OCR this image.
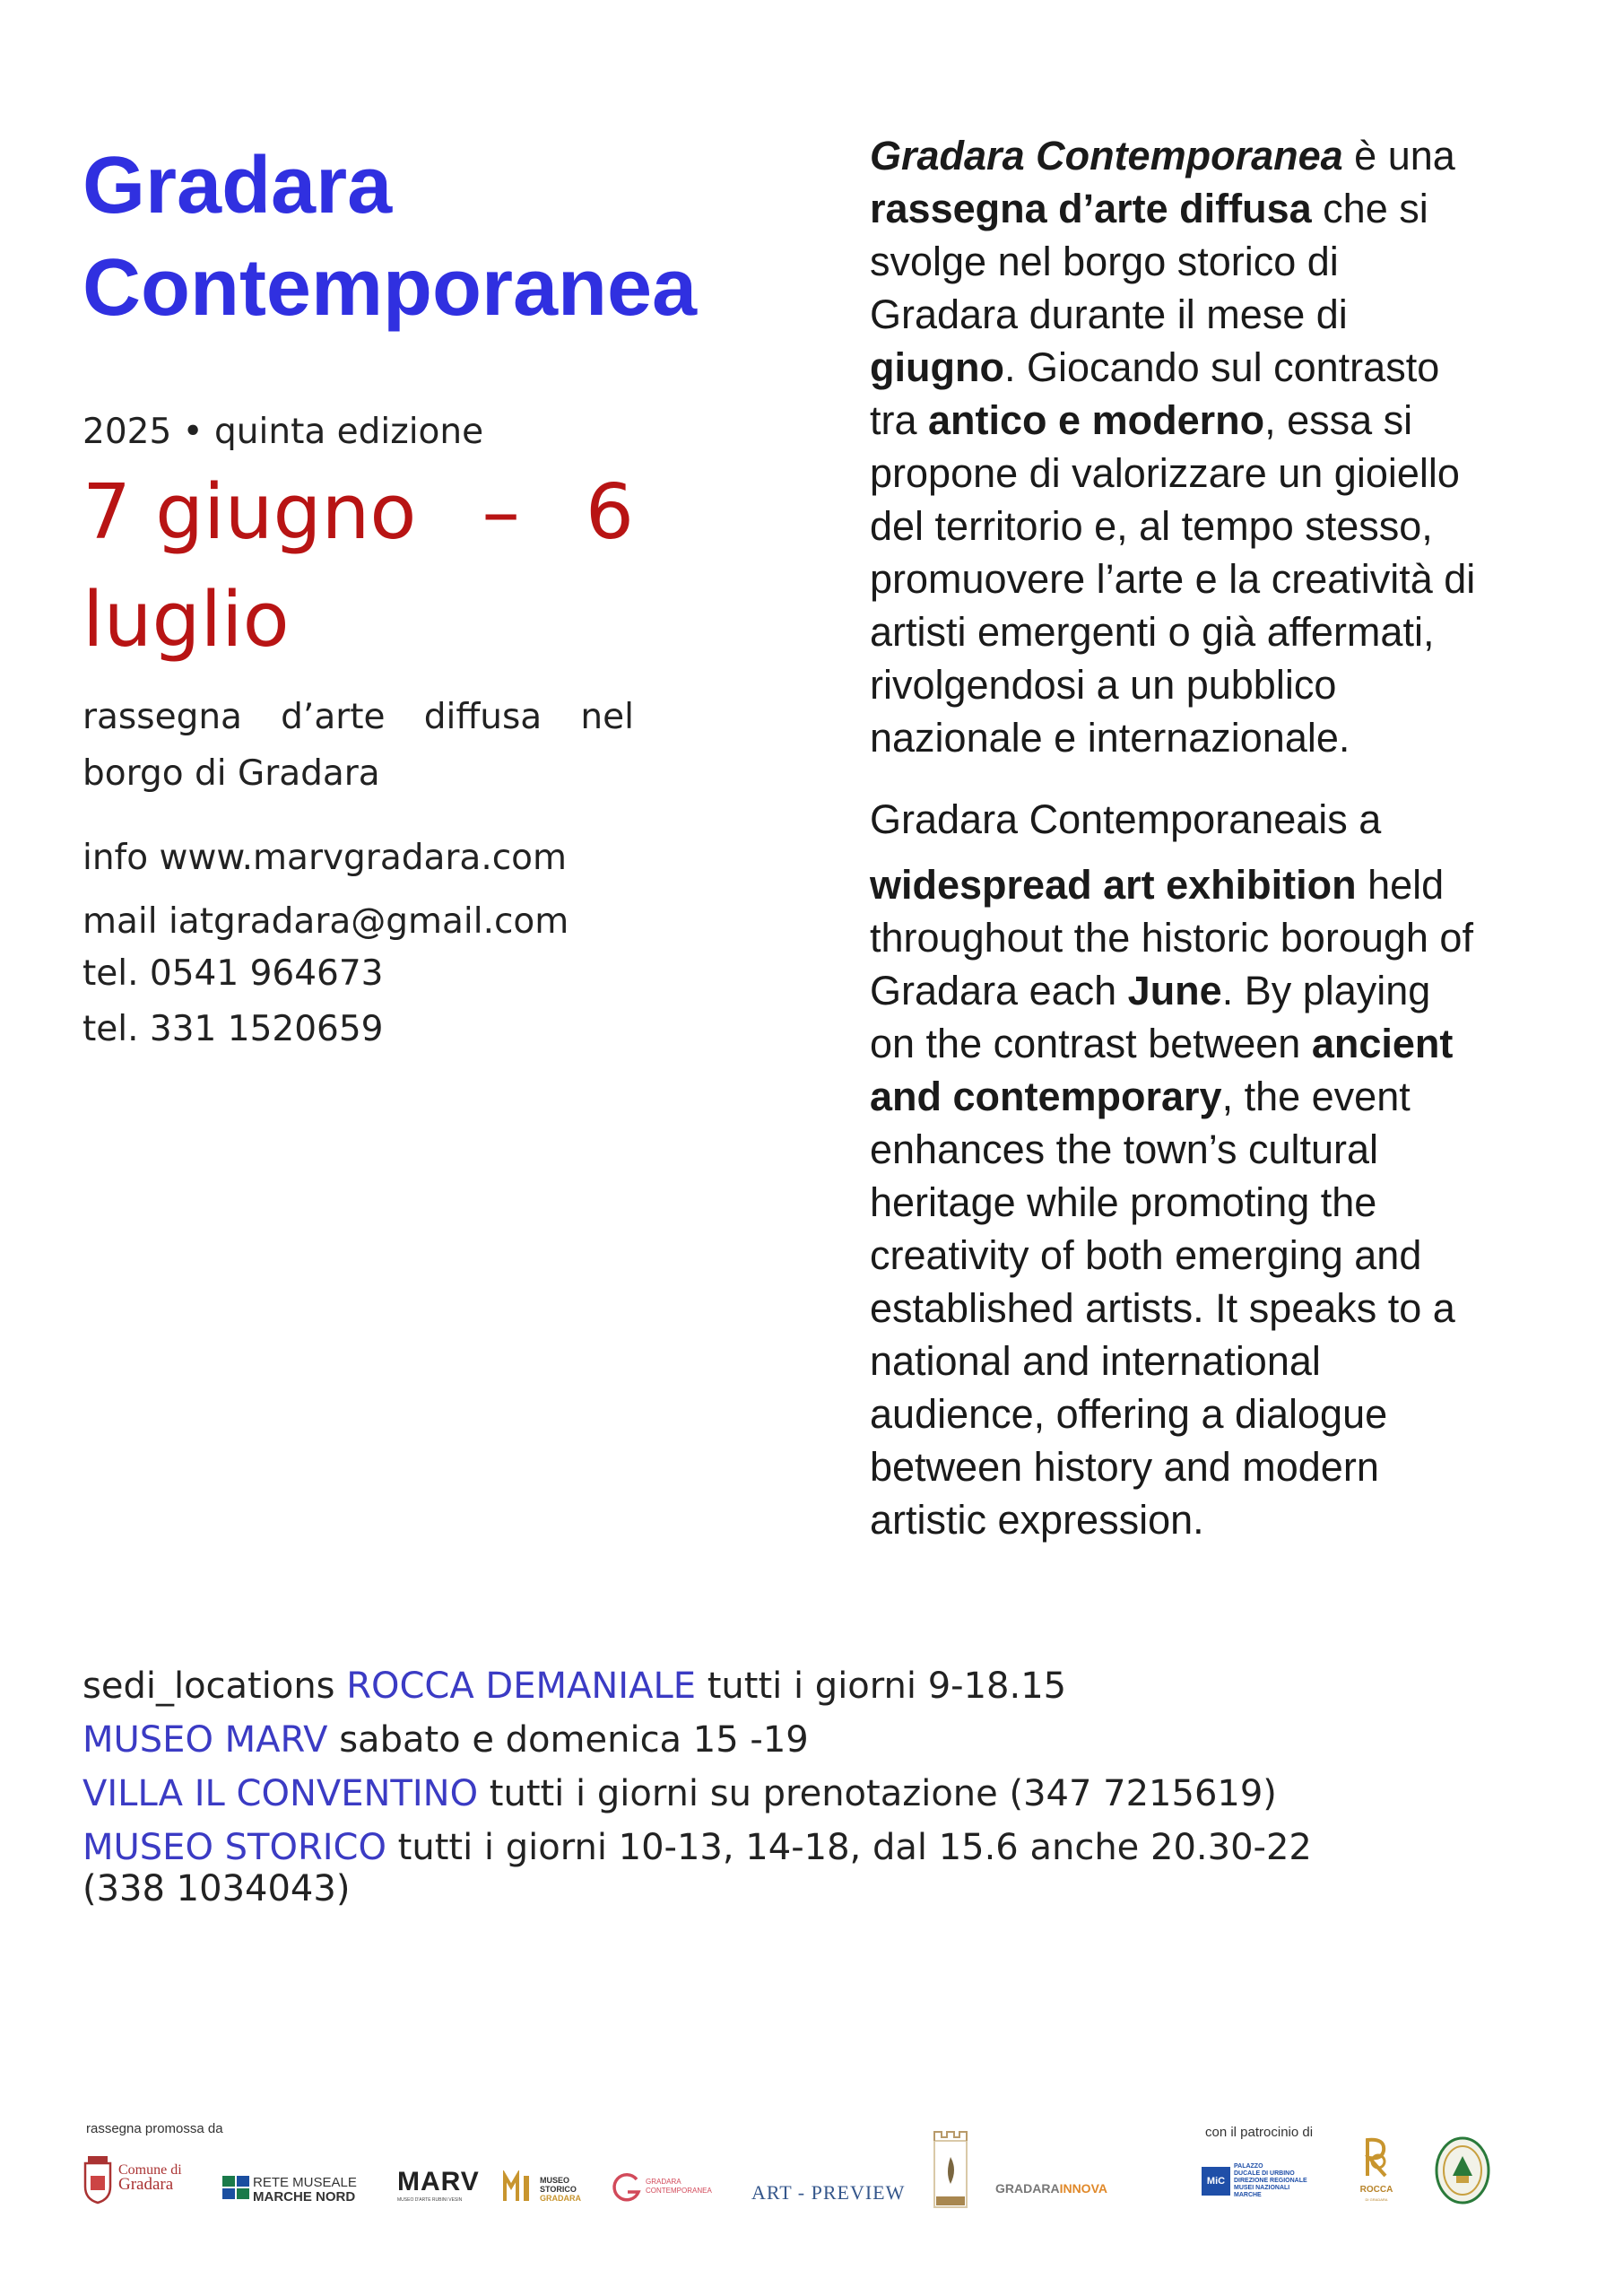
Gradara
Contemporanea
2025 • quinta edizione
7 giugno – 6
luglio
rassegna d’arte diffusa nel
borgo di Gradara
info www.marvgradara.com
mail iatgradara@gmail.com
tel. 0541 964673
tel. 331 1520659
Gradara Contemporanea è una
rassegna d’arte diffusa che si
svolge nel borgo storico di
Gradara durante il mese di
giugno. Giocando sul contrasto
tra antico e moderno, essa si
propone di valorizzare un gioiello
del territorio e, al tempo stesso,
promuovere l’arte e la creatività di
artisti emergenti o già affermati,
rivolgendosi a un pubblico
nazionale e internazionale.
Gradara Contemporaneais a
widespread art exhibition held
throughout the historic borough of
Gradara each June. By playing
on the contrast between ancient
and contemporary, the event
enhances the town’s cultural
heritage while promoting the
creativity of both emerging and
established artists. It speaks to a
national and international
audience, offering a dialogue
between history and modern
artistic expression.
sedi_locations ROCCA DEMANIALE tutti i giorni 9-18.15
MUSEO MARV sabato e domenica 15 -19
VILLA IL CONVENTINO tutti i giorni su prenotazione (347 7215619)
MUSEO STORICO tutti i giorni 10-13, 14-18, dal 15.6 anche 20.30-22
(338 1034043)
rassegna promossa da	con il patrocinio di
Comune di
Gradara	RETE MUSEALE
MARCHE NORD
MARV
MUSEO D'ARTE RUBINI VESIN
MUSEO
STORICO
GRADARA
GRADARA
CONTEMPORANEA ART - PREVIEW	GRADARAINNOVA	MiC
PALAZZO
DUCALE DI URBINO
DIREZIONE REGIONALE
MUSEI NAZIONALI
MARCHE
ROCCA
DI GRADARA
